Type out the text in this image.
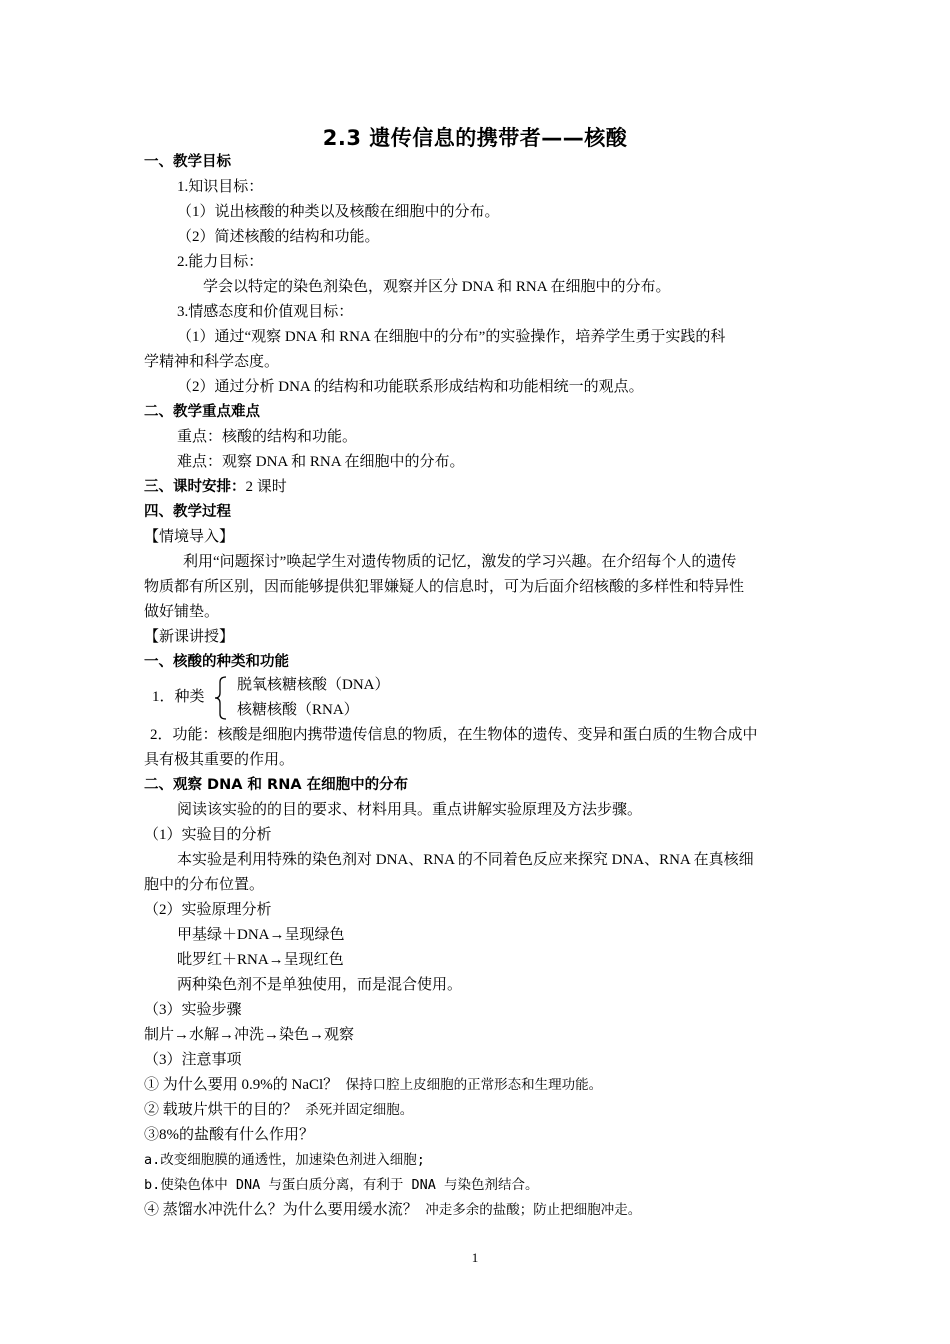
2.3 遗传信息的携带者——核酸
一、教学目标
1.知识目标：
（1）说出核酸的种类以及核酸在细胞中的分布。
（2）简述核酸的结构和功能。
2.能力目标：
学会以特定的染色剂染色，观察并区分 DNA 和 RNA 在细胞中的分布。
3.情感态度和价值观目标：
（1）通过“观察 DNA 和 RNA 在细胞中的分布”的实验操作，培养学生勇于实践的科
学精神和科学态度。
（2）通过分析 DNA 的结构和功能联系形成结构和功能相统一的观点。
二、教学重点难点
重点：核酸的结构和功能。
难点：观察 DNA 和 RNA 在细胞中的分布。
三、课时安排：2 课时
四、教学过程
【情境导入】
利用“问题探讨”唤起学生对遗传物质的记忆，激发的学习兴趣。在介绍每个人的遗传
物质都有所区别，因而能够提供犯罪嫌疑人的信息时，可为后面介绍核酸的多样性和特异性
做好铺垫。
【新课讲授】
一、核酸的种类和功能
1．种类
脱氧核糖核酸（DNA）
核糖核酸（RNA）
2．功能：核酸是细胞内携带遗传信息的物质，在生物体的遗传、变异和蛋白质的生物合成中
具有极其重要的作用。
二、观察 DNA 和 RNA 在细胞中的分布
阅读该实验的的目的要求、材料用具。重点讲解实验原理及方法步骤。
（1）实验目的分析
本实验是利用特殊的染色剂对 DNA、RNA 的不同着色反应来探究 DNA、RNA 在真核细
胞中的分布位置。
（2）实验原理分析
甲基绿＋DNA→呈现绿色
吡罗红＋RNA→呈现红色
两种染色剂不是单独使用，而是混合使用。
（3）实验步骤
制片→水解→冲洗→染色→观察
（3）注意事项
① 为什么要用 0.9%的 NaCl？ 保持口腔上皮细胞的正常形态和生理功能。
② 载玻片烘干的目的？ 杀死并固定细胞。
③8%的盐酸有什么作用？
a.改变细胞膜的通透性，加速染色剂进入细胞;
b.使染色体中 DNA 与蛋白质分离，有利于 DNA 与染色剂结合。
④ 蒸馏水冲洗什么？为什么要用缓水流？ 冲走多余的盐酸；防止把细胞冲走。
1
